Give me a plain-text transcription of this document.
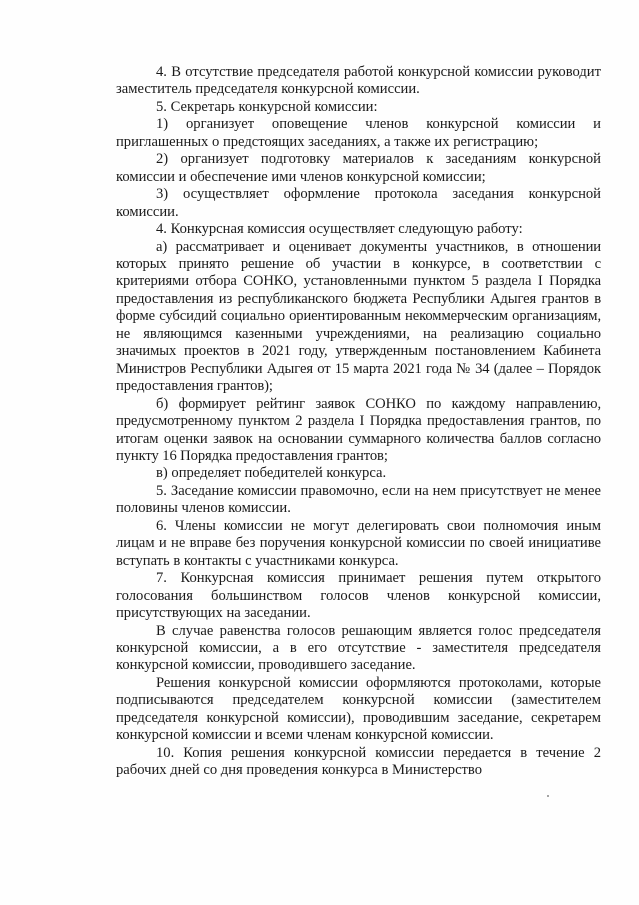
4. В отсутствие председателя работой конкурсной комиссии руководит заместитель председателя конкурсной комиссии.

5. Секретарь конкурсной комиссии:

1) организует оповещение членов конкурсной комиссии и приглашенных о предстоящих заседаниях, а также их регистрацию;

2) организует подготовку материалов к заседаниям конкурсной комиссии и обеспечение ими членов конкурсной комиссии;

3) осуществляет оформление протокола заседания конкурсной комиссии.

4. Конкурсная комиссия осуществляет следующую работу:

а) рассматривает и оценивает документы участников, в отношении которых принято решение об участии в конкурсе, в соответствии с критериями отбора СОНКО, установленными пунктом 5 раздела I Порядка предоставления из республиканского бюджета Республики Адыгея грантов в форме субсидий социально ориентированным некоммерческим организациям, не являющимся казенными учреждениями, на реализацию социально значимых проектов в 2021 году, утвержденным постановлением Кабинета Министров Республики Адыгея от 15 марта 2021 года № 34 (далее – Порядок предоставления грантов);

б) формирует рейтинг заявок СОНКО по каждому направлению, предусмотренному пунктом 2 раздела I Порядка предоставления грантов, по итогам оценки заявок на основании суммарного количества баллов согласно пункту 16 Порядка предоставления грантов;

в) определяет победителей конкурса.

5. Заседание комиссии правомочно, если на нем присутствует не менее половины членов комиссии.

6. Члены комиссии не могут делегировать свои полномочия иным лицам и не вправе без поручения конкурсной комиссии по своей инициативе вступать в контакты с участниками конкурса.

7. Конкурсная комиссия принимает решения путем открытого голосования большинством голосов членов конкурсной комиссии, присутствующих на заседании.

В случае равенства голосов решающим является голос председателя конкурсной комиссии, а в его отсутствие - заместителя председателя конкурсной комиссии, проводившего заседание.

Решения конкурсной комиссии оформляются протоколами, которые подписываются председателем конкурсной комиссии (заместителем председателя конкурсной комиссии), проводившим заседание, секретарем конкурсной комиссии и всеми членам конкурсной комиссии.

10. Копия решения конкурсной комиссии передается в течение 2 рабочих дней со дня проведения конкурса в Министерство
